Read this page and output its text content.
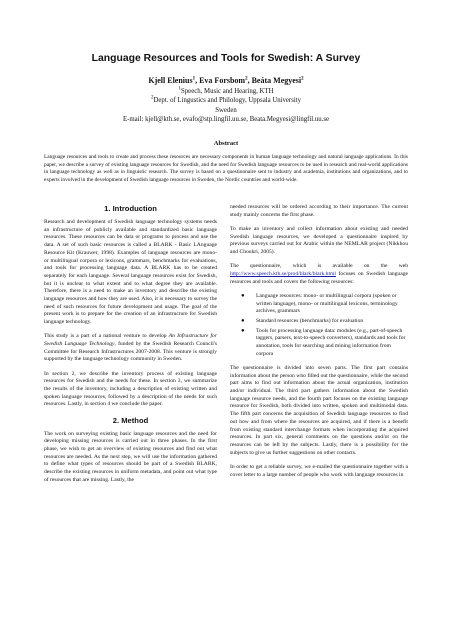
Language Resources and Tools for Swedish: A Survey
Kjell Elenius$^1$, Eva Forsbom$^2$, Beáta Megyesi$^2$
$^1$Speech, Music and Hearing, KTH
$^2$Dept. of Lingustics and Philology, Uppsala University
Sweden
E-mail: kjell@kth.se, evafo@stp.lingfil.uu.se, Beata.Megyesi@lingfil.uu.se
Abstract

Language resources and tools to create and process these resources are necessary components in human language technology and natural language applications. In this paper, we describe a survey of existing language resources for Swedish, and the need for Swedish language resources to be used in research and real-world applications in language technology as well as in linguistic research. The survey is based on a questionnaire sent to industry and academia, institutions and organizations, and to experts involved in the development of Swedish language resources in Sweden, the Nordic countries and world-wide.

1. Introduction

Research and development of Swedish language technology systems needs an infrastructure of publicly available and standardized basic language resources. These resources can be data or programs to process and use the data. A set of such basic resources is called a BLARK - Basic LAnguage Resource Kit (Krauwer, 1998). Examples of language resources are mono- or multilingual corpora or lexicons, grammars, benchmarks for evaluations, and tools for processing language data. A BLARK has to be created separately for each language. Several language resources exist for Swedish, but it is unclear to what extent and to what degree they are available. Therefore, there is a need to make an inventory and describe the existing language resources and how they are used. Also, it is necessary to survey the need of such resources for future development and usage. The goal of the present work is to prepare for the creation of an infrastructure for Swedish language technology.

This study is a part of a national venture to develop An Infrastructure for Swedish Language Technology, funded by the Swedish Research Council's Committee for Research Infrastructures 2007-2008. This venture is strongly supported by the language technology community in Sweden.

In section 2, we describe the inventory process of existing language resources for Swedish and the needs for these. In section 3, we summarize the results of the inventory, including a description of existing written and spoken language resources, followed by a description of the needs for such resources. Lastly, in section 4 we conclude the paper.

2. Method

The work on surveying existing basic language resources and the need for developing missing resources is carried out in three phases. In the first phase, we wish to get an overview of existing resources and find out what resources are needed. As the next step, we will use the information gathered to define what types of resources should be part of a Swedish BLARK, describe the existing resources in uniform metadata, and point out what type of resources that are missing. Lastly, the

needed resources will be ordered according to their importance. The current study mainly concerns the first phase.

To make an inventory and collect information about existing and needed Swedish language resources, we developed a questionnaire inspired by previous surveys carried out for Arabic within the NEMLAR project (Nikkhou and Choukri, 2005).

The questionnaire, which is available on the web http://www.speech.kth.se/prod/blark/blark.html focuses on Swedish language resources and tools and covers the following resources:

● Language resources: mono- or multilingual corpora (spoken or written language), mono- or multilingual lexicons, terminology archives, grammars
● Standard resources (benchmarks) for evaluation
● Tools for processing language data: modules (e.g., part-of-speech taggers, parsers, text-to-speech converters), standards and tools for annotation, tools for searching and mining information from corpora

The questionnaire is divided into seven parts. The first part contains information about the person who filled out the questionnaire, while the second part aims to find out information about the actual organization, institution and/or individual. The third part gathers information about the Swedish language resource needs, and the fourth part focuses on the existing language resource for Swedish, both divided into written, spoken and multimodal data. The fifth part concerns the acquisition of Swedish language resources to find out how and from where the resources are acquired, and if there is a benefit from existing standard interchange formats when incorporating the acquired resources. In part six, general comments on the questions and/or on the resources can be left by the subjects. Lastly, there is a possibility for the subjects to give us further suggestions on other contacts.

In order to get a reliable survey, we e-mailed the questionnaire together with a cover letter to a large number of people who work with language resources in
